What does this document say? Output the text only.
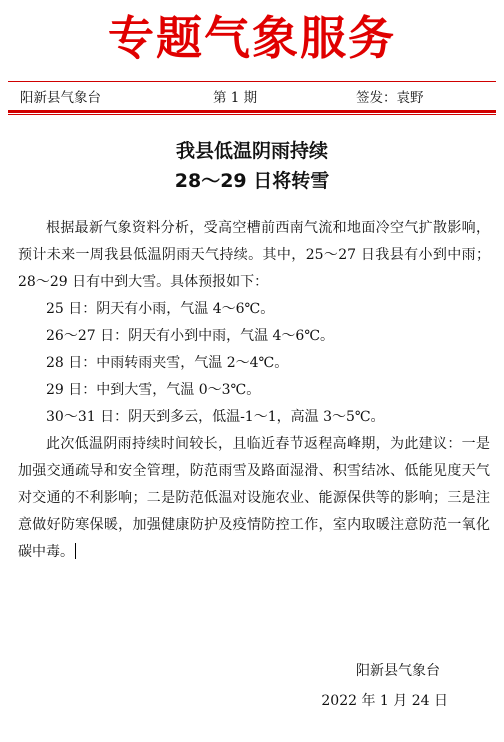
专题气象服务
阳新县气象台	第 1 期	签发：袁野
我县低温阴雨持续
28～29 日将转雪

根据最新气象资料分析，受高空槽前西南气流和地面冷空气扩散影响，预计未来一周我县低温阴雨天气持续。其中，25～27 日我县有小到中雨；28～29 日有中到大雪。具体预报如下：

25 日：阴天有小雨，气温 4～6℃。
26～27 日：阴天有小到中雨，气温 4～6℃。
28 日：中雨转雨夹雪，气温 2～4℃。
29 日：中到大雪，气温 0～3℃。
30～31 日：阴天到多云，低温-1～1，高温 3～5℃。

此次低温阴雨持续时间较长，且临近春节返程高峰期，为此建议：一是加强交通疏导和安全管理，防范雨雪及路面湿滑、积雪结冰、低能见度天气对交通的不利影响；二是防范低温对设施农业、能源保供等的影响；三是注意做好防寒保暖，加强健康防护及疫情防控工作，室内取暖注意防范一氧化碳中毒。

阳新县气象台
2022 年 1 月 24 日
